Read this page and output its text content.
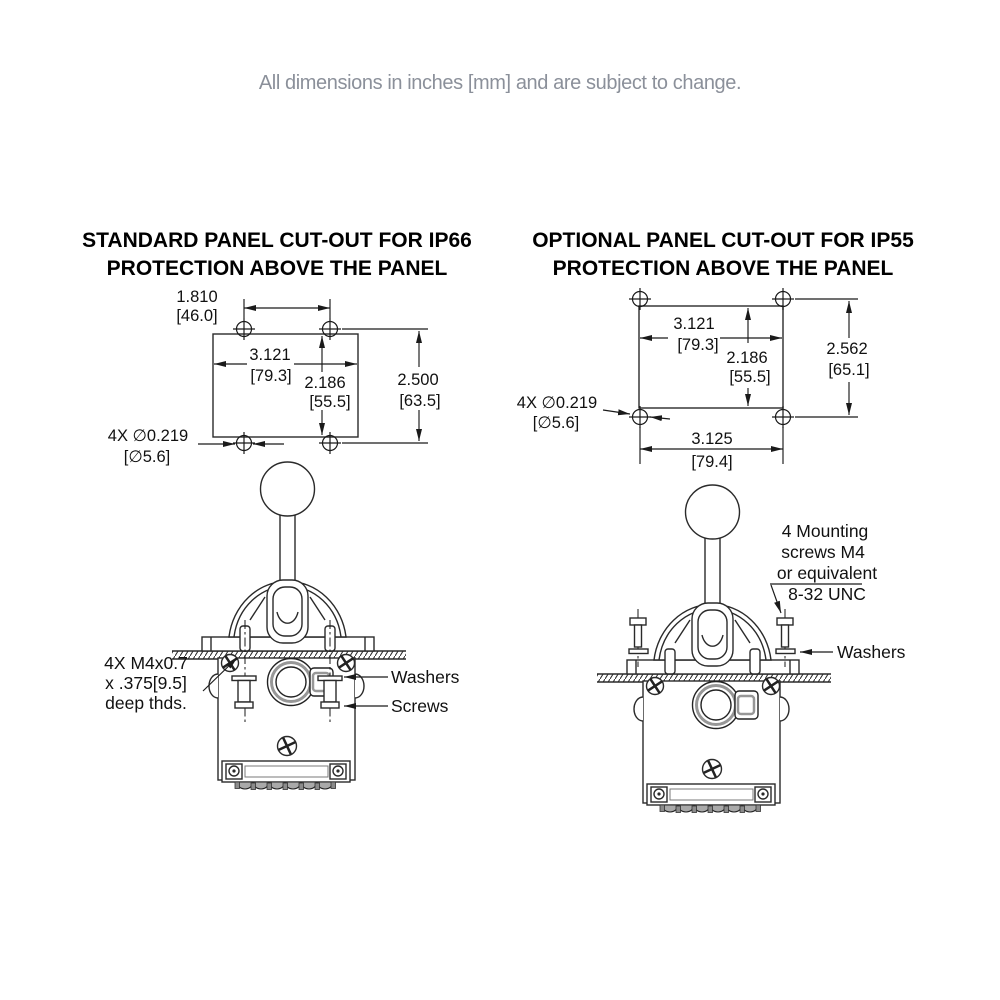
All dimensions in inches [mm] and are subject to change.
STANDARD PANEL CUT-OUT FOR IP66
PROTECTION ABOVE THE PANEL
OPTIONAL PANEL CUT-OUT FOR IP55
PROTECTION ABOVE THE PANEL
1.810
[46.0]
3.121
[79.3] 2.186
[55.5]
2.500
[63.5]
4X ∅0.219
[∅5.6]
3.121
[79.3]
2.186
[55.5]
2.562
[65.1]
3.125
[79.4]
4X ∅0.219
[∅5.6]
4X M4x0.7
x .375[9.5]
deep thds.
Washers
Screws
4 Mounting
screws M4
or equivalent
8-32 UNC
Washers
